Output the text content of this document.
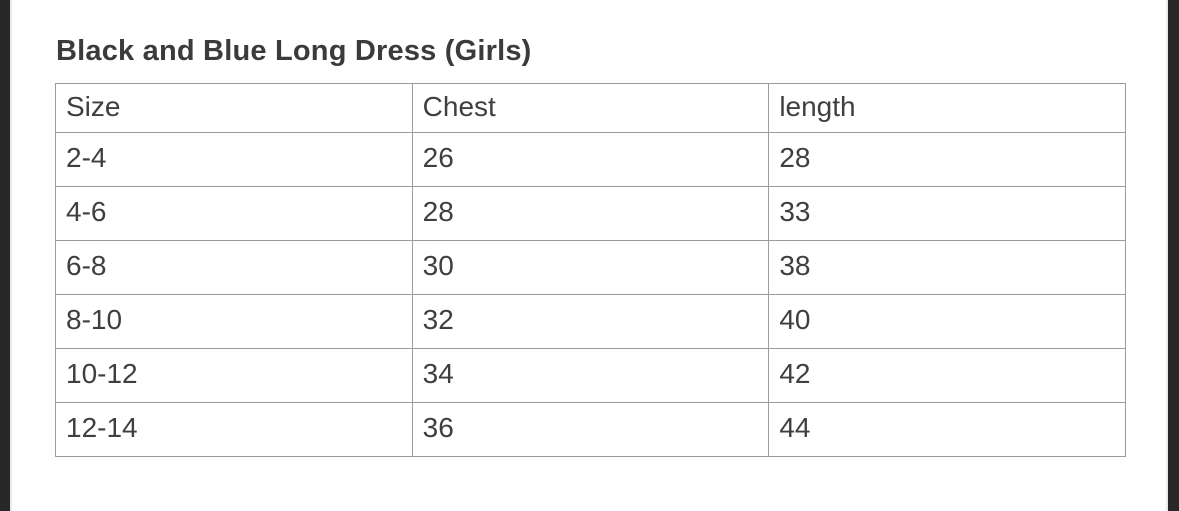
Black and Blue Long Dress (Girls)
Size	Chest	length
2-4	26	28
4-6	28	33
6-8	30	38
8-10	32	40
10-12	34	42
12-14	36	44
